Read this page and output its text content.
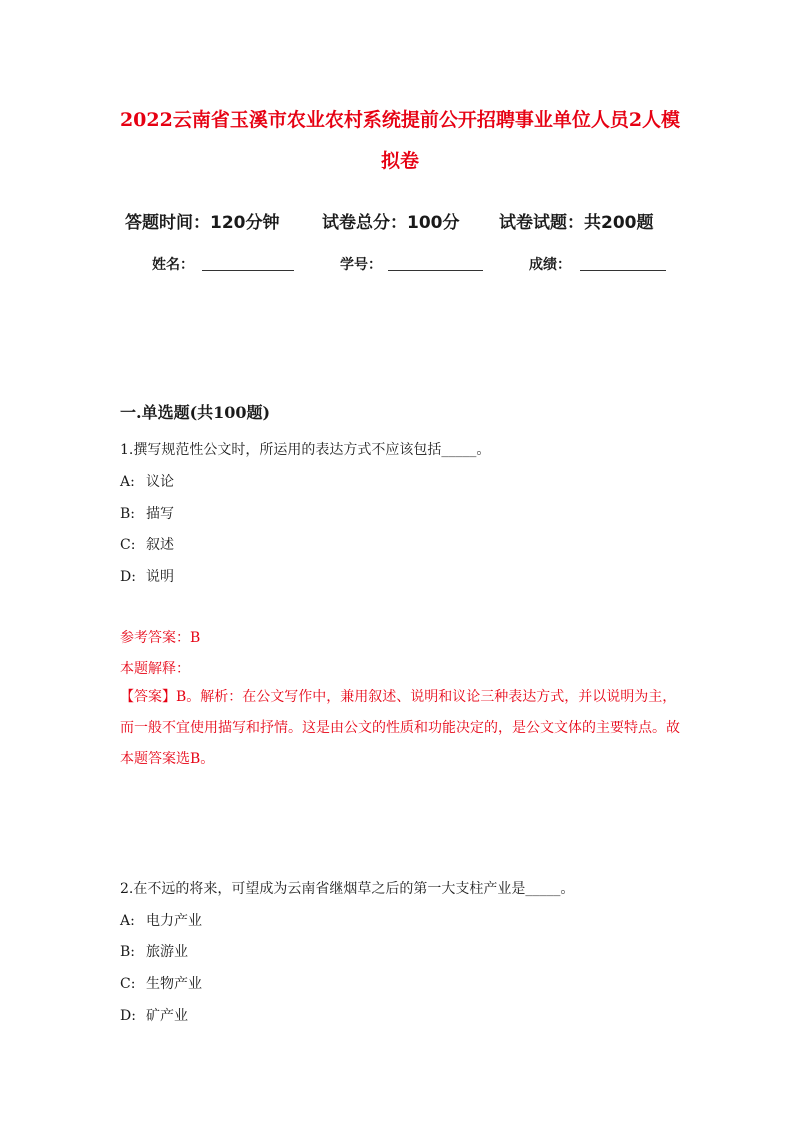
2022云南省玉溪市农业农村系统提前公开招聘事业单位人员2人模
拟卷
答题时间：120分钟	试卷总分：100分 试卷试题：共200题
姓名：	学号：	成绩：
一.单选题(共100题)
1.撰写规范性公文时，所运用的表达方式不应该包括_____。
A: 议论
B: 描写
C: 叙述
D: 说明
参考答案：B
本题解释：
【答案】B。解析：在公文写作中，兼用叙述、说明和议论三种表达方式，并以说明为主，而一般不宜使用描写和抒情。这是由公文的性质和功能决定的，是公文文体的主要特点。故本题答案选B。
2.在不远的将来，可望成为云南省继烟草之后的第一大支柱产业是_____。
A: 电力产业
B: 旅游业
C: 生物产业
D: 矿产业
